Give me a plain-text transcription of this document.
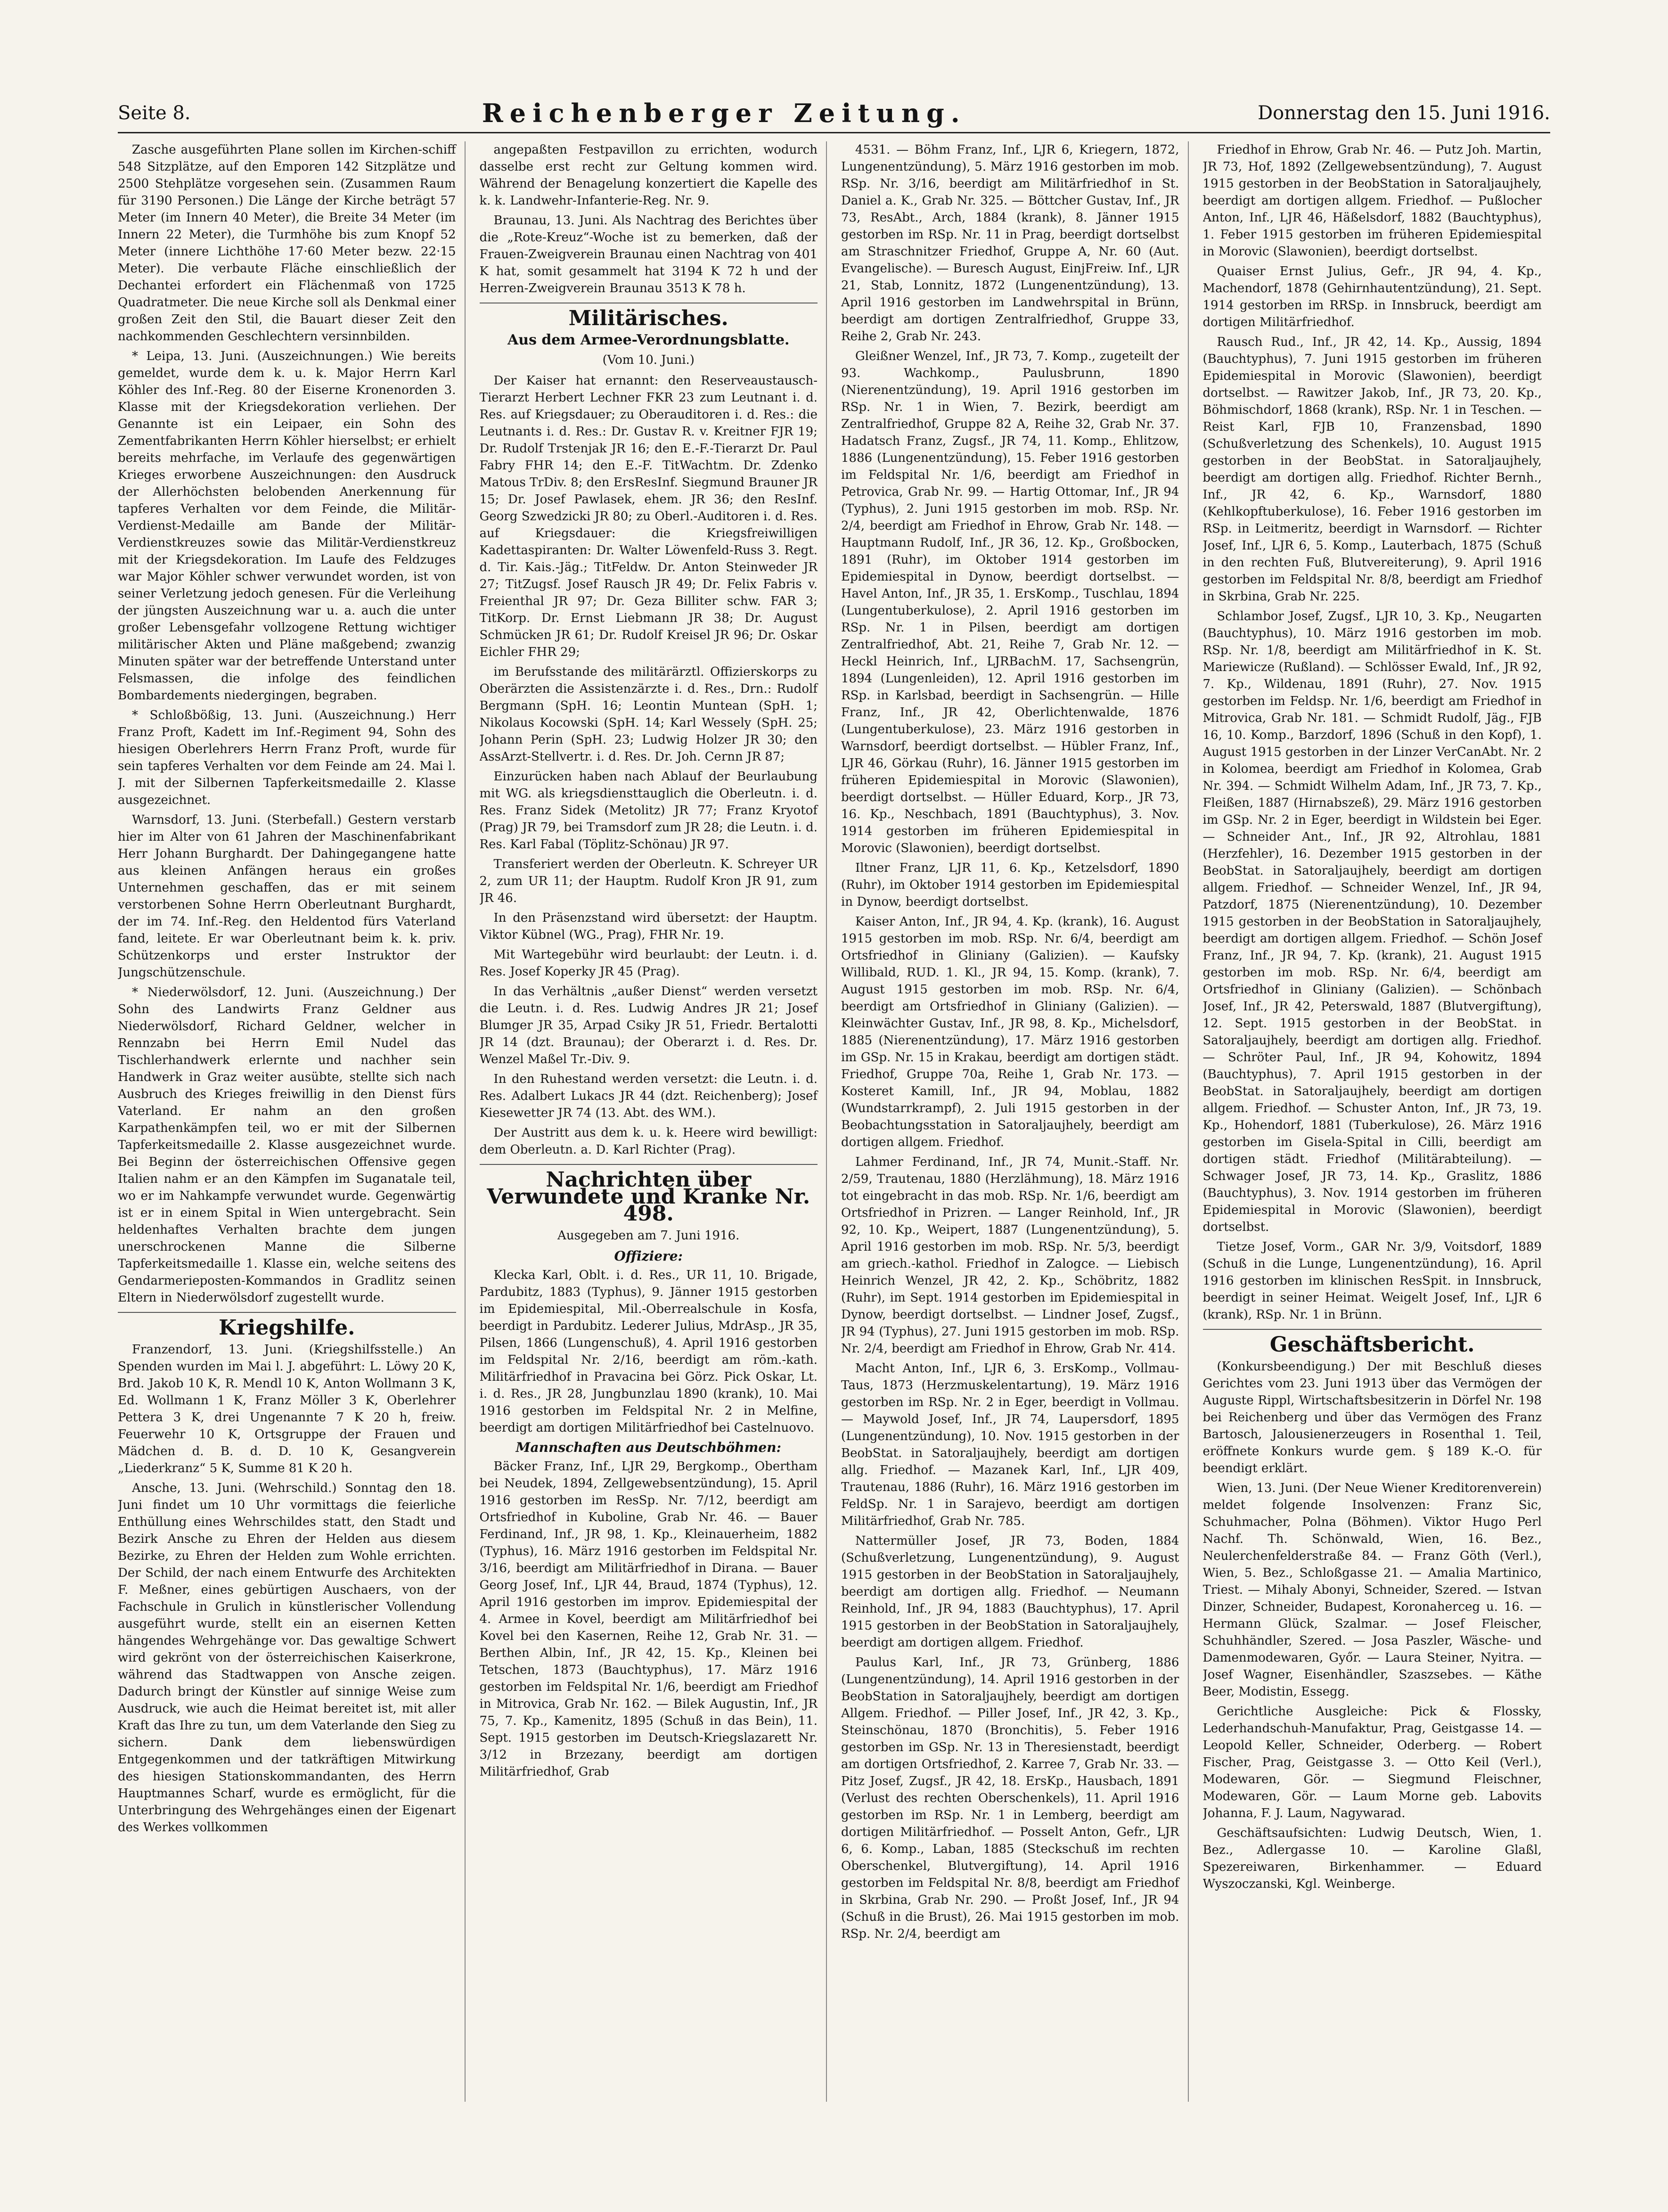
Seite 8.	Reichenberger Zeitung.	Donnerstag den 15. Juni 1916.

Zasche ausgeführten Plane sollen im Kirchen-schiff 548 Sitzplätze, auf den Emporen 142 Sitzplätze und 2500 Stehplätze vorgesehen sein. (Zusammen Raum für 3190 Personen.) Die Länge der Kirche beträgt 57 Meter (im Innern 40 Meter), die Breite 34 Meter (im Innern 22 Meter), die Turmhöhe bis zum Knopf 52 Meter (innere Lichthöhe 17·60 Meter bezw. 22·15 Meter). Die verbaute Fläche einschließlich der Dechantei erfordert ein Flächenmaß von 1725 Quadratmeter. Die neue Kirche soll als Denkmal einer großen Zeit den Stil, die Bauart dieser Zeit den nachkommenden Geschlechtern versinnbilden.

* Leipa, 13. Juni. (Auszeichnungen.) Wie bereits gemeldet, wurde dem k. u. k. Major Herrn Karl Köhler des Inf.-Reg. 80 der Eiserne Kronenorden 3. Klasse mit der Kriegsdekoration verliehen. Der Genannte ist ein Leipaer, ein Sohn des Zementfabrikanten Herrn Köhler hierselbst; er erhielt bereits mehrfache, im Verlaufe des gegenwärtigen Krieges erworbene Auszeichnungen: den Ausdruck der Allerhöchsten belobenden Anerkennung für tapferes Verhalten vor dem Feinde, die Militär-Verdienst-Medaille am Bande der Militär-Verdienstkreuzes sowie das Militär-Verdienstkreuz mit der Kriegsdekoration. Im Laufe des Feldzuges war Major Köhler schwer verwundet worden, ist von seiner Verletzung jedoch genesen. Für die Verleihung der jüngsten Auszeichnung war u. a. auch die unter großer Lebensgefahr vollzogene Rettung wichtiger militärischer Akten und Pläne maßgebend; zwanzig Minuten später war der betreffende Unterstand unter Felsmassen, die infolge des feindlichen Bombardements niedergingen, begraben.

* Schloßbößig, 13. Juni. (Auszeichnung.) Herr Franz Proft, Kadett im Inf.-Regiment 94, Sohn des hiesigen Oberlehrers Herrn Franz Proft, wurde für sein tapferes Verhalten vor dem Feinde am 24. Mai l. J. mit der Silbernen Tapferkeitsmedaille 2. Klasse ausgezeichnet.

Warnsdorf, 13. Juni. (Sterbefall.) Gestern verstarb hier im Alter von 61 Jahren der Maschinenfabrikant Herr Johann Burghardt. Der Dahingegangene hatte aus kleinen Anfängen heraus ein großes Unternehmen geschaffen, das er mit seinem verstorbenen Sohne Herrn Oberleutnant Burghardt, der im 74. Inf.-Reg. den Heldentod fürs Vaterland fand, leitete. Er war Oberleutnant beim k. k. priv. Schützenkorps und erster Instruktor der Jungschützenschule.

* Niederwölsdorf, 12. Juni. (Auszeichnung.) Der Sohn des Landwirts Franz Geldner aus Niederwölsdorf, Richard Geldner, welcher in Rennzabn bei Herrn Emil Nudel das Tischlerhandwerk erlernte und nachher sein Handwerk in Graz weiter ausübte, stellte sich nach Ausbruch des Krieges freiwillig in den Dienst fürs Vaterland. Er nahm an den großen Karpathenkämpfen teil, wo er mit der Silbernen Tapferkeitsmedaille 2. Klasse ausgezeichnet wurde. Bei Beginn der österreichischen Offensive gegen Italien nahm er an den Kämpfen im Suganatale teil, wo er im Nahkampfe verwundet wurde. Gegenwärtig ist er in einem Spital in Wien untergebracht. Sein heldenhaftes Verhalten brachte dem jungen unerschrockenen Manne die Silberne Tapferkeitsmedaille 1. Klasse ein, welche seitens des Gendarmerieposten-Kommandos in Gradlitz seinen Eltern in Niederwölsdorf zugestellt wurde.

Kriegshilfe.

Franzendorf, 13. Juni. (Kriegshilfsstelle.) An Spenden wurden im Mai l. J. abgeführt: L. Löwy 20 K, Brd. Jakob 10 K, R. Mendl 10 K, Anton Wollmann 3 K, Ed. Wollmann 1 K, Franz Möller 3 K, Oberlehrer Pettera 3 K, drei Ungenannte 7 K 20 h, freiw. Feuerwehr 10 K, Ortsgruppe der Frauen und Mädchen d. B. d. D. 10 K, Gesangverein „Liederkranz“ 5 K, Summe 81 K 20 h.

Ansche, 13. Juni. (Wehrschild.) Sonntag den 18. Juni findet um 10 Uhr vormittags die feierliche Enthüllung eines Wehrschildes statt, den Stadt und Bezirk Ansche zu Ehren der Helden aus diesem Bezirke, zu Ehren der Helden zum Wohle errichten. Der Schild, der nach einem Entwurfe des Architekten F. Meßner, eines gebürtigen Auschaers, von der Fachschule in Grulich in künstlerischer Vollendung ausgeführt wurde, stellt ein an eisernen Ketten hängendes Wehrgehänge vor. Das gewaltige Schwert wird gekrönt von der österreichischen Kaiserkrone, während das Stadtwappen von Ansche zeigen. Dadurch bringt der Künstler auf sinnige Weise zum Ausdruck, wie auch die Heimat bereitet ist, mit aller Kraft das Ihre zu tun, um dem Vaterlande den Sieg zu sichern. Dank dem liebenswürdigen Entgegenkommen und der tatkräftigen Mitwirkung des hiesigen Stationskommandanten, des Herrn Hauptmannes Scharf, wurde es ermöglicht, für die Unterbringung des Wehrgehänges einen der Eigenart des Werkes vollkommen

angepaßten Festpavillon zu errichten, wodurch dasselbe erst recht zur Geltung kommen wird. Während der Benagelung konzertiert die Kapelle des k. k. Landwehr-Infanterie-Reg. Nr. 9.

Braunau, 13. Juni. Als Nachtrag des Berichtes über die „Rote-Kreuz“-Woche ist zu bemerken, daß der Frauen-Zweigverein Braunau einen Nachtrag von 401 K hat, somit gesammelt hat 3194 K 72 h und der Herren-Zweigverein Braunau 3513 K 78 h.

Militärisches.
Aus dem Armee-Verordnungsblatte.

(Vom 10. Juni.)

Der Kaiser hat ernannt: den Reserveaustausch-Tierarzt Herbert Lechner FKR 23 zum Leutnant i. d. Res. auf Kriegsdauer; zu Oberauditoren i. d. Res.: die Leutnants i. d. Res.: Dr. Gustav R. v. Kreitner FJR 19; Dr. Rudolf Trstenjak JR 16; den E.-F.-Tierarzt Dr. Paul Fabry FHR 14; den E.-F. TitWachtm. Dr. Zdenko Matous TrDiv. 8; den ErsResInf. Siegmund Brauner JR 15; Dr. Josef Pawlasek, ehem. JR 36; den ResInf. Georg Szwedzicki JR 80; zu Oberl.-Auditoren i. d. Res. auf Kriegsdauer: die Kriegsfreiwilligen Kadettaspiranten: Dr. Walter Löwenfeld-Russ 3. Regt. d. Tir. Kais.-Jäg.; TitFeldw. Dr. Anton Steinweder JR 27; TitZugsf. Josef Rausch JR 49; Dr. Felix Fabris v. Freienthal JR 97; Dr. Geza Billiter schw. FAR 3; TitKorp. Dr. Ernst Liebmann JR 38; Dr. August Schmücken JR 61; Dr. Rudolf Kreisel JR 96; Dr. Oskar Eichler FHR 29;

im Berufsstande des militärärztl. Offizierskorps zu Oberärzten die Assistenzärzte i. d. Res., Drn.: Rudolf Bergmann (SpH. 16; Leontin Muntean (SpH. 1; Nikolaus Kocowski (SpH. 14; Karl Wessely (SpH. 25; Johann Perin (SpH. 23; Ludwig Holzer JR 30; den AssArzt-Stellvertr. i. d. Res. Dr. Joh. Cernn JR 87;

Einzurücken haben nach Ablauf der Beurlaubung mit WG. als kriegsdiensttauglich die Oberleutn. i. d. Res. Franz Sidek (Metolitz) JR 77; Franz Kryotof (Prag) JR 79, bei Tramsdorf zum JR 28; die Leutn. i. d. Res. Karl Fabal (Töplitz-Schönau) JR 97.

Transferiert werden der Oberleutn. K. Schreyer UR 2, zum UR 11; der Hauptm. Rudolf Kron JR 91, zum JR 46.

In den Präsenzstand wird übersetzt: der Hauptm. Viktor Kübnel (WG., Prag), FHR Nr. 19.

Mit Wartegebühr wird beurlaubt: der Leutn. i. d. Res. Josef Koperky JR 45 (Prag).

In das Verhältnis „außer Dienst“ werden versetzt die Leutn. i. d. Res. Ludwig Andres JR 21; Josef Blumger JR 35, Arpad Csiky JR 51, Friedr. Bertalotti JR 14 (dzt. Braunau); der Oberarzt i. d. Res. Dr. Wenzel Maßel Tr.-Div. 9.

In den Ruhestand werden versetzt: die Leutn. i. d. Res. Adalbert Lukacs JR 44 (dzt. Reichenberg); Josef Kiesewetter JR 74 (13. Abt. des WM.).

Der Austritt aus dem k. u. k. Heere wird bewilligt: dem Oberleutn. a. D. Karl Richter (Prag).

Nachrichten über Verwundete und Kranke Nr. 498.

Ausgegeben am 7. Juni 1916.

Offiziere:

Klecka Karl, Oblt. i. d. Res., UR 11, 10. Brigade, Pardubitz, 1883 (Typhus), 9. Jänner 1915 gestorben im Epidemiespital, Mil.-Oberrealschule in Kosfa, beerdigt in Pardubitz. Lederer Julius, MdrAsp., JR 35, Pilsen, 1866 (Lungenschuß), 4. April 1916 gestorben im Feldspital Nr. 2/16, beerdigt am röm.-kath. Militärfriedhof in Pravacina bei Görz. Pick Oskar, Lt. i. d. Res., JR 28, Jungbunzlau 1890 (krank), 10. Mai 1916 gestorben im Feldspital Nr. 2 in Melfine, beerdigt am dortigen Militärfriedhof bei Castelnuovo.

Mannschaften aus Deutschböhmen:

Bäcker Franz, Inf., LJR 29, Bergkomp., Obertham bei Neudek, 1894, Zellgewebsentzündung), 15. April 1916 gestorben im ResSp. Nr. 7/12, beerdigt am Ortsfriedhof in Kuboline, Grab Nr. 46. — Bauer Ferdinand, Inf., JR 98, 1. Kp., Kleinauerheim, 1882 (Typhus), 16. März 1916 gestorben im Feldspital Nr. 3/16, beerdigt am Militärfriedhof in Dirana. — Bauer Georg Josef, Inf., LJR 44, Braud, 1874 (Typhus), 12. April 1916 gestorben im improv. Epidemiespital der 4. Armee in Kovel, beerdigt am Militärfriedhof bei Kovel bei den Kasernen, Reihe 12, Grab Nr. 31. — Berthen Albin, Inf., JR 42, 15. Kp., Kleinen bei Tetschen, 1873 (Bauchtyphus), 17. März 1916 gestorben im Feldspital Nr. 1/6, beerdigt am Friedhof in Mitrovica, Grab Nr. 162. — Bilek Augustin, Inf., JR 75, 7. Kp., Kamenitz, 1895 (Schuß in das Bein), 11. Sept. 1915 gestorben im Deutsch-Kriegslazarett Nr. 3/12 in Brzezany, beerdigt am dortigen Militärfriedhof, Grab

4531. — Böhm Franz, Inf., LJR 6, Kriegern, 1872, Lungenentzündung), 5. März 1916 gestorben im mob. RSp. Nr. 3/16, beerdigt am Militärfriedhof in St. Daniel a. K., Grab Nr. 325. — Böttcher Gustav, Inf., JR 73, ResAbt., Arch, 1884 (krank), 8. Jänner 1915 gestorben im RSp. Nr. 11 in Prag, beerdigt dortselbst am Straschnitzer Friedhof, Gruppe A, Nr. 60 (Aut. Evangelische). — Buresch August, EinjFreiw. Inf., LJR 21, Stab, Lonnitz, 1872 (Lungenentzündung), 13. April 1916 gestorben im Landwehrspital in Brünn, beerdigt am dortigen Zentralfriedhof, Gruppe 33, Reihe 2, Grab Nr. 243.

Gleißner Wenzel, Inf., JR 73, 7. Komp., zugeteilt der 93. Wachkomp., Paulusbrunn, 1890 (Nierenentzündung), 19. April 1916 gestorben im RSp. Nr. 1 in Wien, 7. Bezirk, beerdigt am Zentralfriedhof, Gruppe 82 A, Reihe 32, Grab Nr. 37. Hadatsch Franz, Zugsf., JR 74, 11. Komp., Ehlitzow, 1886 (Lungenentzündung), 15. Feber 1916 gestorben im Feldspital Nr. 1/6, beerdigt am Friedhof in Petrovica, Grab Nr. 99. — Hartig Ottomar, Inf., JR 94 (Typhus), 2. Juni 1915 gestorben im mob. RSp. Nr. 2/4, beerdigt am Friedhof in Ehrow, Grab Nr. 148. — Hauptmann Rudolf, Inf., JR 36, 12. Kp., Großbocken, 1891 (Ruhr), im Oktober 1914 gestorben im Epidemiespital in Dynow, beerdigt dortselbst. — Havel Anton, Inf., JR 35, 1. ErsKomp., Tuschlau, 1894 (Lungentuberkulose), 2. April 1916 gestorben im RSp. Nr. 1 in Pilsen, beerdigt am dortigen Zentralfriedhof, Abt. 21, Reihe 7, Grab Nr. 12. — Heckl Heinrich, Inf., LJRBachM. 17, Sachsengrün, 1894 (Lungenleiden), 12. April 1916 gestorben im RSp. in Karlsbad, beerdigt in Sachsengrün. — Hille Franz, Inf., JR 42, Oberlichtenwalde, 1876 (Lungentuberkulose), 23. März 1916 gestorben in Warnsdorf, beerdigt dortselbst. — Hübler Franz, Inf., LJR 46, Görkau (Ruhr), 16. Jänner 1915 gestorben im früheren Epidemiespital in Morovic (Slawonien), beerdigt dortselbst. — Hüller Eduard, Korp., JR 73, 16. Kp., Neschbach, 1891 (Bauchtyphus), 3. Nov. 1914 gestorben im früheren Epidemiespital in Morovic (Slawonien), beerdigt dortselbst.

Iltner Franz, LJR 11, 6. Kp., Ketzelsdorf, 1890 (Ruhr), im Oktober 1914 gestorben im Epidemiespital in Dynow, beerdigt dortselbst.

Kaiser Anton, Inf., JR 94, 4. Kp. (krank), 16. August 1915 gestorben im mob. RSp. Nr. 6/4, beerdigt am Ortsfriedhof in Gliniany (Galizien). — Kaufsky Willibald, RUD. 1. Kl., JR 94, 15. Komp. (krank), 7. August 1915 gestorben im mob. RSp. Nr. 6/4, beerdigt am Ortsfriedhof in Gliniany (Galizien). — Kleinwächter Gustav, Inf., JR 98, 8. Kp., Michelsdorf, 1885 (Nierenentzündung), 17. März 1916 gestorben im GSp. Nr. 15 in Krakau, beerdigt am dortigen städt. Friedhof, Gruppe 70a, Reihe 1, Grab Nr. 173. — Kosteret Kamill, Inf., JR 94, Moblau, 1882 (Wundstarrkrampf), 2. Juli 1915 gestorben in der Beobachtungsstation in Satoraljaujhely, beerdigt am dortigen allgem. Friedhof.

Lahmer Ferdinand, Inf., JR 74, Munit.-Staff. Nr. 2/59, Trautenau, 1880 (Herzlähmung), 18. März 1916 tot eingebracht in das mob. RSp. Nr. 1/6, beerdigt am Ortsfriedhof in Prizren. — Langer Reinhold, Inf., JR 92, 10. Kp., Weipert, 1887 (Lungenentzündung), 5. April 1916 gestorben im mob. RSp. Nr. 5/3, beerdigt am griech.-kathol. Friedhof in Zalogce. — Liebisch Heinrich Wenzel, JR 42, 2. Kp., Schöbritz, 1882 (Ruhr), im Sept. 1914 gestorben im Epidemiespital in Dynow, beerdigt dortselbst. — Lindner Josef, Zugsf., JR 94 (Typhus), 27. Juni 1915 gestorben im mob. RSp. Nr. 2/4, beerdigt am Friedhof in Ehrow, Grab Nr. 414.

Macht Anton, Inf., LJR 6, 3. ErsKomp., Vollmau-Taus, 1873 (Herzmuskelentartung), 19. März 1916 gestorben im RSp. Nr. 2 in Eger, beerdigt in Vollmau. — Maywold Josef, Inf., JR 74, Laupersdorf, 1895 (Lungenentzündung), 10. Nov. 1915 gestorben in der BeobStat. in Satoraljaujhely, beerdigt am dortigen allg. Friedhof. — Mazanek Karl, Inf., LJR 409, Trautenau, 1886 (Ruhr), 16. März 1916 gestorben im FeldSp. Nr. 1 in Sarajevo, beerdigt am dortigen Militärfriedhof, Grab Nr. 785.

Nattermüller Josef, JR 73, Boden, 1884 (Schußverletzung, Lungenentzündung), 9. August 1915 gestorben in der BeobStation in Satoraljaujhely, beerdigt am dortigen allg. Friedhof. — Neumann Reinhold, Inf., JR 94, 1883 (Bauchtyphus), 17. April 1915 gestorben in der BeobStation in Satoraljaujhely, beerdigt am dortigen allgem. Friedhof.

Paulus Karl, Inf., JR 73, Grünberg, 1886 (Lungenentzündung), 14. April 1916 gestorben in der BeobStation in Satoraljaujhely, beerdigt am dortigen Allgem. Friedhof. — Piller Josef, Inf., JR 42, 3. Kp., Steinschönau, 1870 (Bronchitis), 5. Feber 1916 gestorben im GSp. Nr. 13 in Theresienstadt, beerdigt am dortigen Ortsfriedhof, 2. Karree 7, Grab Nr. 33. — Pitz Josef, Zugsf., JR 42, 18. ErsKp., Hausbach, 1891 (Verlust des rechten Oberschenkels), 11. April 1916 gestorben im RSp. Nr. 1 in Lemberg, beerdigt am dortigen Militärfriedhof. — Posselt Anton, Gefr., LJR 6, 6. Komp., Laban, 1885 (Steckschuß im rechten Oberschenkel, Blutvergiftung), 14. April 1916 gestorben im Feldspital Nr. 8/8, beerdigt am Friedhof in Skrbina, Grab Nr. 290. — Proßt Josef, Inf., JR 94 (Schuß in die Brust), 26. Mai 1915 gestorben im mob. RSp. Nr. 2/4, beerdigt am

Friedhof in Ehrow, Grab Nr. 46. — Putz Joh. Martin, JR 73, Hof, 1892 (Zellgewebsentzündung), 7. August 1915 gestorben in der BeobStation in Satoraljaujhely, beerdigt am dortigen allgem. Friedhof. — Pußlocher Anton, Inf., LJR 46, Häßelsdorf, 1882 (Bauchtyphus), 1. Feber 1915 gestorben im früheren Epidemiespital in Morovic (Slawonien), beerdigt dortselbst.

Quaiser Ernst Julius, Gefr., JR 94, 4. Kp., Machendorf, 1878 (Gehirnhautentzündung), 21. Sept. 1914 gestorben im RRSp. in Innsbruck, beerdigt am dortigen Militärfriedhof.

Rausch Rud., Inf., JR 42, 14. Kp., Aussig, 1894 (Bauchtyphus), 7. Juni 1915 gestorben im früheren Epidemiespital in Morovic (Slawonien), beerdigt dortselbst. — Rawitzer Jakob, Inf., JR 73, 20. Kp., Böhmischdorf, 1868 (krank), RSp. Nr. 1 in Teschen. — Reist Karl, FJB 10, Franzensbad, 1890 (Schußverletzung des Schenkels), 10. August 1915 gestorben in der BeobStat. in Satoraljaujhely, beerdigt am dortigen allg. Friedhof. Richter Bernh., Inf., JR 42, 6. Kp., Warnsdorf, 1880 (Kehlkopftuberkulose), 16. Feber 1916 gestorben im RSp. in Leitmeritz, beerdigt in Warnsdorf. — Richter Josef, Inf., LJR 6, 5. Komp., Lauterbach, 1875 (Schuß in den rechten Fuß, Blutvereiterung), 9. April 1916 gestorben im Feldspital Nr. 8/8, beerdigt am Friedhof in Skrbina, Grab Nr. 225.

Schlambor Josef, Zugsf., LJR 10, 3. Kp., Neugarten (Bauchtyphus), 10. März 1916 gestorben im mob. RSp. Nr. 1/8, beerdigt am Militärfriedhof in K. St. Mariewicze (Rußland). — Schlösser Ewald, Inf., JR 92, 7. Kp., Wildenau, 1891 (Ruhr), 27. Nov. 1915 gestorben im Feldsp. Nr. 1/6, beerdigt am Friedhof in Mitrovica, Grab Nr. 181. — Schmidt Rudolf, Jäg., FJB 16, 10. Komp., Barzdorf, 1896 (Schuß in den Kopf), 1. August 1915 gestorben in der Linzer VerCanAbt. Nr. 2 in Kolomea, beerdigt am Friedhof in Kolomea, Grab Nr. 394. — Schmidt Wilhelm Adam, Inf., JR 73, 7. Kp., Fleißen, 1887 (Hirnabszeß), 29. März 1916 gestorben im GSp. Nr. 2 in Eger, beerdigt in Wildstein bei Eger. — Schneider Ant., Inf., JR 92, Altrohlau, 1881 (Herzfehler), 16. Dezember 1915 gestorben in der BeobStat. in Satoraljaujhely, beerdigt am dortigen allgem. Friedhof. — Schneider Wenzel, Inf., JR 94, Patzdorf, 1875 (Nierenentzündung), 10. Dezember 1915 gestorben in der BeobStation in Satoraljaujhely, beerdigt am dortigen allgem. Friedhof. — Schön Josef Franz, Inf., JR 94, 7. Kp. (krank), 21. August 1915 gestorben im mob. RSp. Nr. 6/4, beerdigt am Ortsfriedhof in Gliniany (Galizien). — Schönbach Josef, Inf., JR 42, Peterswald, 1887 (Blutvergiftung), 12. Sept. 1915 gestorben in der BeobStat. in Satoraljaujhely, beerdigt am dortigen allg. Friedhof. — Schröter Paul, Inf., JR 94, Kohowitz, 1894 (Bauchtyphus), 7. April 1915 gestorben in der BeobStat. in Satoraljaujhely, beerdigt am dortigen allgem. Friedhof. — Schuster Anton, Inf., JR 73, 19. Kp., Hohendorf, 1881 (Tuberkulose), 26. März 1916 gestorben im Gisela-Spital in Cilli, beerdigt am dortigen städt. Friedhof (Militärabteilung). — Schwager Josef, JR 73, 14. Kp., Graslitz, 1886 (Bauchtyphus), 3. Nov. 1914 gestorben im früheren Epidemiespital in Morovic (Slawonien), beerdigt dortselbst.

Tietze Josef, Vorm., GAR Nr. 3/9, Voitsdorf, 1889 (Schuß in die Lunge, Lungenentzündung), 16. April 1916 gestorben im klinischen ResSpit. in Innsbruck, beerdigt in seiner Heimat. Weigelt Josef, Inf., LJR 6 (krank), RSp. Nr. 1 in Brünn.

Geschäftsbericht.

(Konkursbeendigung.) Der mit Beschluß dieses Gerichtes vom 23. Juni 1913 über das Vermögen der Auguste Rippl, Wirtschaftsbesitzerin in Dörfel Nr. 198 bei Reichenberg und über das Vermögen des Franz Bartosch, Jalousienerzeugers in Rosenthal 1. Teil, eröffnete Konkurs wurde gem. § 189 K.-O. für beendigt erklärt.

Wien, 13. Juni. (Der Neue Wiener Kreditorenverein) meldet folgende Insolvenzen: Franz Sic, Schuhmacher, Polna (Böhmen). Viktor Hugo Perl Nachf. Th. Schönwald, Wien, 16. Bez., Neulerchenfelderstraße 84. — Franz Göth (Verl.), Wien, 5. Bez., Schloßgasse 21. — Amalia Martinico, Triest. — Mihaly Abonyi, Schneider, Szered. — Istvan Dinzer, Schneider, Budapest, Koronaherceg u. 16. — Hermann Glück, Szalmar. — Josef Fleischer, Schuhhändler, Szered. — Josa Paszler, Wäsche- und Damenmodewaren, Győr. — Laura Steiner, Nyitra. — Josef Wagner, Eisenhändler, Szaszsebes. — Käthe Beer, Modistin, Essegg.

Gerichtliche Ausgleiche: Pick & Flossky, Lederhandschuh-Manufaktur, Prag, Geistgasse 14. — Leopold Keller, Schneider, Oderberg. — Robert Fischer, Prag, Geistgasse 3. — Otto Keil (Verl.), Modewaren, Gör. — Siegmund Fleischner, Modewaren, Gör. — Laum Morne geb. Labovits Johanna, F. J. Laum, Nagywarad.

Geschäftsaufsichten: Ludwig Deutsch, Wien, 1. Bez., Adlergasse 10. — Karoline Glaßl, Spezereiwaren, Birkenhammer. — Eduard Wyszoczanski, Kgl. Weinberge.
